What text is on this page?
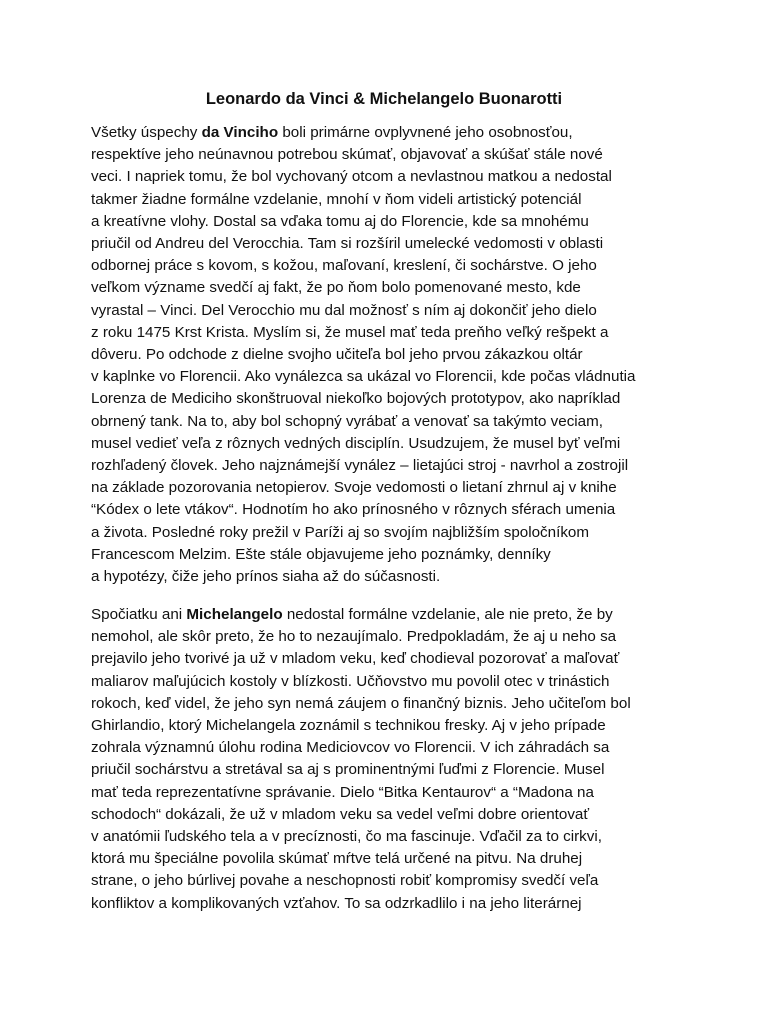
Leonardo da Vinci & Michelangelo Buonarotti
Všetky úspechy da Vinciho boli primárne ovplyvnené jeho osobnosťou,
respektíve jeho neúnavnou potrebou skúmať, objavovať a skúšať stále nové
veci. I napriek tomu, že bol vychovaný otcom a nevlastnou matkou a nedostal
takmer žiadne formálne vzdelanie, mnohí v ňom videli artistický potenciál
a kreatívne vlohy. Dostal sa vďaka tomu aj do Florencie, kde sa mnohému
priučil od Andreu del Verocchia. Tam si rozšíril umelecké vedomosti v oblasti
odbornej práce s kovom, s kožou, maľovaní, kreslení, či sochárstve. O jeho
veľkom význame svedčí aj fakt, že po ňom bolo pomenované mesto, kde
vyrastal – Vinci. Del Verocchio mu dal možnosť s ním aj dokončiť jeho dielo
z roku 1475 Krst Krista. Myslím si, že musel mať teda preňho veľký rešpekt a
dôveru. Po odchode z dielne svojho učiteľa bol jeho prvou zákazkou oltár
v kaplnke vo Florencii. Ako vynálezca sa ukázal vo Florencii, kde počas vládnutia
Lorenza de Mediciho skonštruoval niekoľko bojových prototypov, ako napríklad
obrnený tank. Na to, aby bol schopný vyrábať a venovať sa takýmto veciam,
musel vedieť veľa z rôznych vedných disciplín. Usudzujem, že musel byť veľmi
rozhľadený človek. Jeho najznámejší vynález – lietajúci stroj - navrhol a zostrojil
na základe pozorovania netopierov. Svoje vedomosti o lietaní zhrnul aj v knihe
“Kódex o lete vtákov“. Hodnotím ho ako prínosného v rôznych sférach umenia
a života. Posledné roky prežil v Paríži aj so svojím najbližším spoločníkom
Francescom Melzim. Ešte stále objavujeme jeho poznámky, denníky
a hypotézy, čiže jeho prínos siaha až do súčasnosti.
Spočiatku ani Michelangelo nedostal formálne vzdelanie, ale nie preto, že by
nemohol, ale skôr preto, že ho to nezaujímalo. Predpokladám, že aj u neho sa
prejavilo jeho tvorivé ja už v mladom veku, keď chodieval pozorovať a maľovať
maliarov maľujúcich kostoly v blízkosti. Učňovstvo mu povolil otec v trinástich
rokoch, keď videl, že jeho syn nemá záujem o finančný biznis. Jeho učiteľom bol
Ghirlandio, ktorý Michelangela zoznámil s technikou fresky. Aj v jeho prípade
zohrala významnú úlohu rodina Mediciovcov vo Florencii. V ich záhradách sa
priučil sochárstvu a stretával sa aj s prominentnými ľuďmi z Florencie. Musel
mať teda reprezentatívne správanie. Dielo “Bitka Kentaurov“ a “Madona na
schodoch“ dokázali, že už v mladom veku sa vedel veľmi dobre orientovať
v anatómii ľudského tela a v precíznosti, čo ma fascinuje. Vďačil za to cirkvi,
ktorá mu špeciálne povolila skúmať mŕtve telá určené na pitvu. Na druhej
strane, o jeho búrlivej povahe a neschopnosti robiť kompromisy svedčí veľa
konfliktov a komplikovaných vzťahov. To sa odzrkadlilo i na jeho literárnej
